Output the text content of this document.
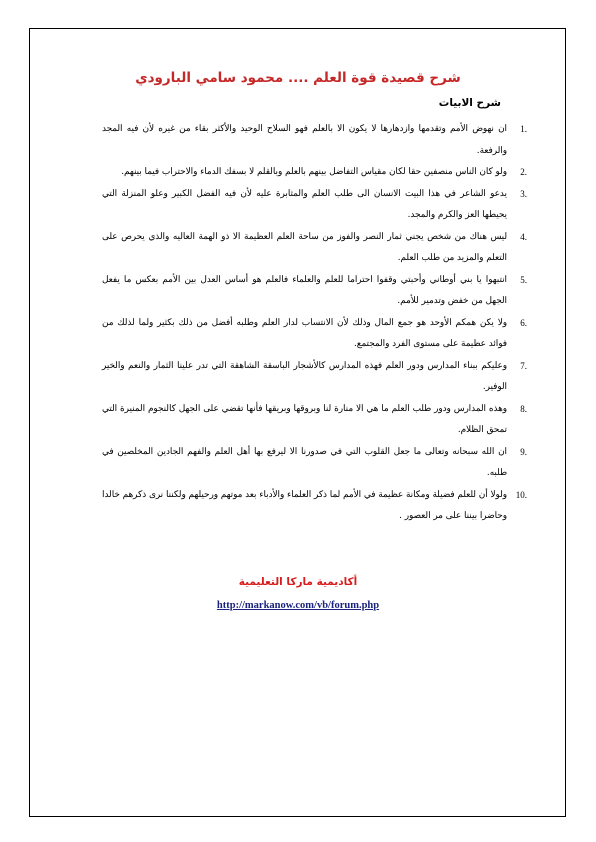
شرح قصيدة قوة العلم .... محمود سامي البارودي
شرح الابيات
1.
ان نهوض الأمم وتقدمها وازدهارها لا يكون الا بالعلم فهو السلاح الوحيد والأكثر بقاء من غيره لأن فيه المجد والرفعة.
2.
ولو كان الناس منصفين حقا لكان مقياس التفاضل بينهم بالعلم وبالقلم لا بسفك الدماء والاحتراب فيما بينهم.
3.
يدعو الشاعر في هذا البيت الانسان الى طلب العلم والمثابرة عليه لأن فيه الفضل الكبير وعلو المنزلة التي يحيطها العز والكرم والمجد.
4.
ليس هناك من شخص يجني ثمار النصر والفوز من ساحة العلم العظيمة الا ذو الهمة العاليه والذي يحرص على التعلم والمزيد من طلب العلم.
5.
انتبهوا يا بني أوطاني وأحبتي وقفوا احتراما للعلم والعلماء فالعلم هو أساس العدل بين الأمم بعكس ما يفعل الجهل من خفض وتدمير للأمم.
6.
ولا يكن همكم الأوحد هو جمع المال وذلك لأن الانتساب لدار العلم وطلبه أفضل من ذلك بكثير ولما لذلك من فوائد عظيمة على مستوى الفرد والمجتمع.
7.
وعليكم ببناء المدارس ودور العلم فهذه المدارس كالأشجار الباسقة الشاهقة التي تدر علينا الثمار والنعم والخير الوفير.
8.
وهذه المدارس ودور طلب العلم ما هي الا منارة لنا وبروقها وبريقها فأنها تقضي على الجهل كالنجوم المنيرة التي تمحق الظلام.
9.
ان الله سبحانه وتعالى ما جعل القلوب التي في صدورنا الا ليرفع بها أهل العلم والفهم الجادين المخلصين في طلبه.
10.
ولولا أن للعلم فضيلة ومكانة عظيمة في الأمم لما ذكر العلماء والأدباء بعد موتهم ورحيلهم ولكننا نرى ذكرهم خالدا وحاضرا بيننا على مر العصور .
أكاديمية ماركا التعليمية
http://markanow.com/vb/forum.php
